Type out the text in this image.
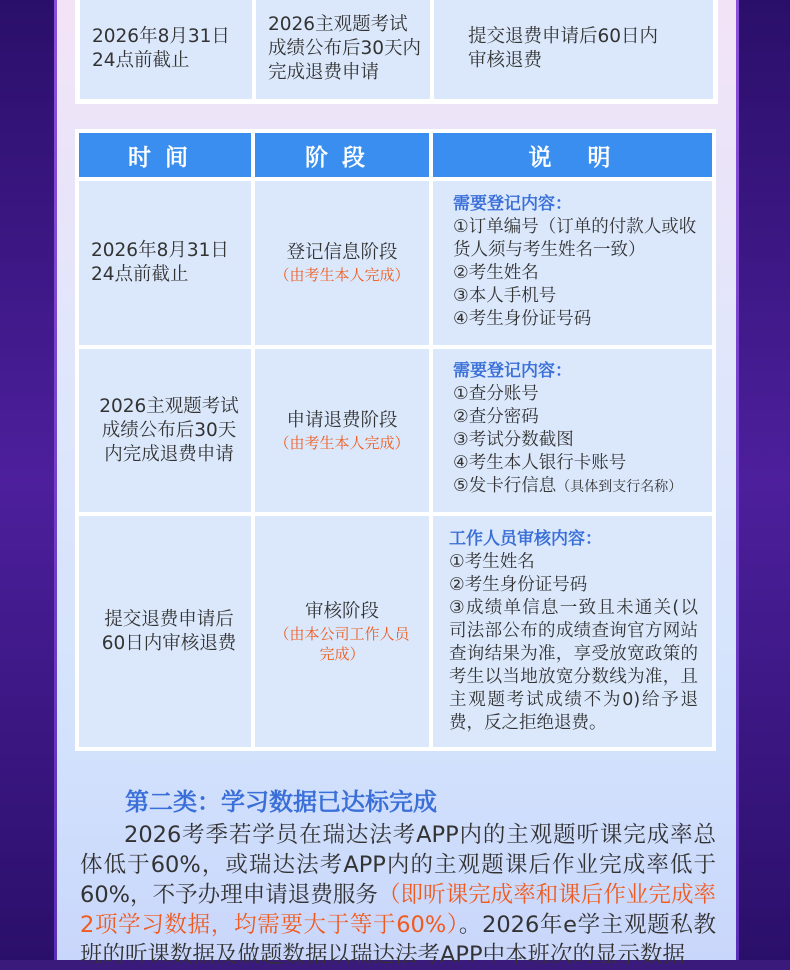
2026年8月31日24点前截止
2026主观题考试成绩公布后30天内完成退费申请
提交退费申请后60日内审核退费
时间	阶段	说明
2026年8月31日24点前截止
登记信息阶段
（由考生本人完成）
需要登记内容：
①订单编号（订单的付款人或收货人须与考生姓名一致）
②考生姓名
③本人手机号
④考生身份证号码
2026主观题考试成绩公布后30天内完成退费申请
申请退费阶段
（由考生本人完成）
需要登记内容：
①查分账号
②查分密码
③考试分数截图
④考生本人银行卡账号
⑤发卡行信息（具体到支行名称）
提交退费申请后60日内审核退费
审核阶段
（由本公司工作人员完成）
工作人员审核内容：
①考生姓名
②考生身份证号码
③成绩单信息一致且未通关(以司法部公布的成绩查询官方网站查询结果为准，享受放宽政策的考生以当地放宽分数线为准，且主观题考试成绩不为0)给予退费，反之拒绝退费。
第二类：学习数据已达标完成
2026考季若学员在瑞达法考APP内的主观题听课完成率总体低于60%，或瑞达法考APP内的主观题课后作业完成率低于60%，不予办理申请退费服务（即听课完成率和课后作业完成率2项学习数据，均需要大于等于60%）。2026年e学主观题私教班的听课数据及做题数据以瑞达法考APP中本班次的显示数据
